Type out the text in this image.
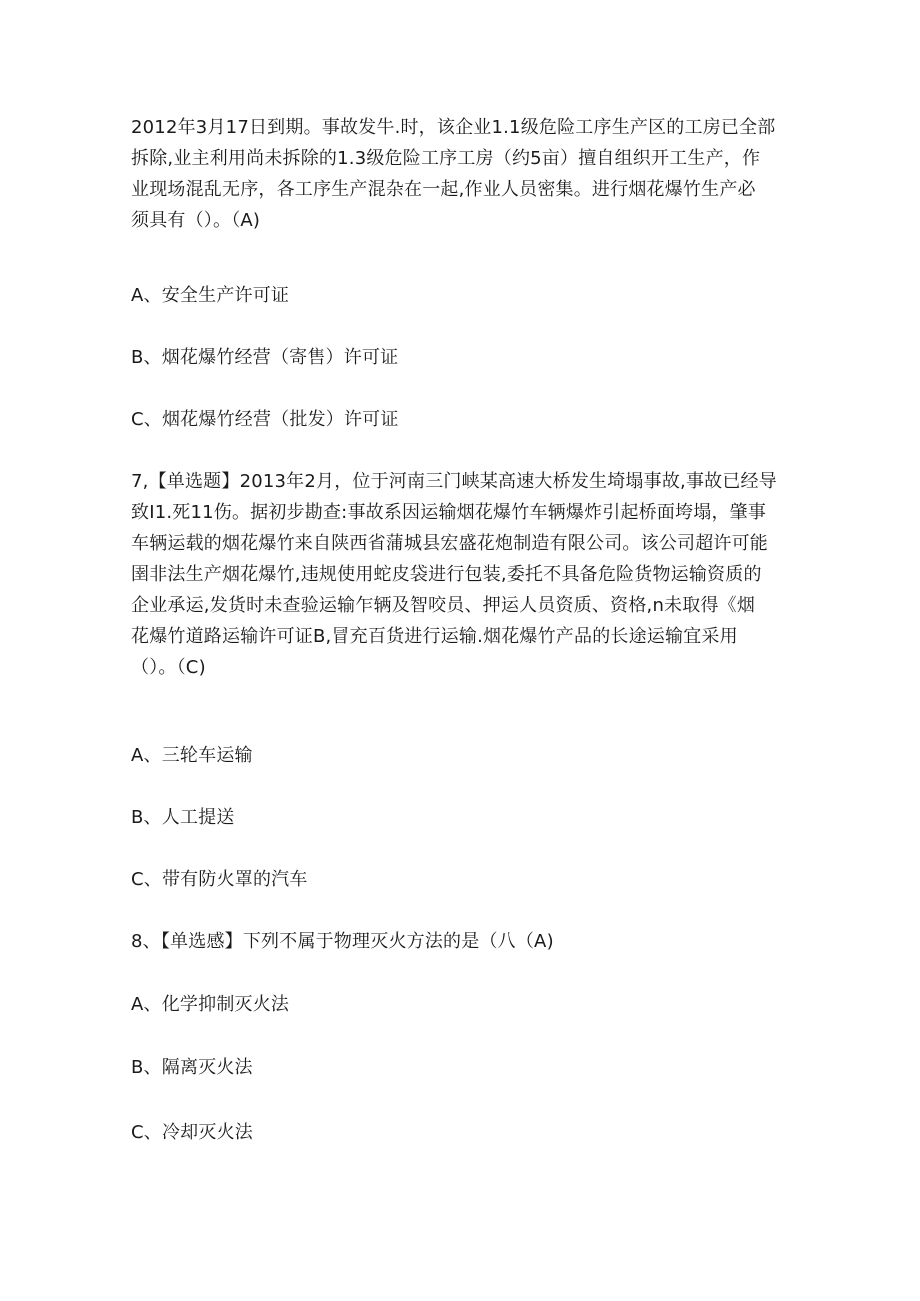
2012年3月17日到期。事故发牛.时，该企业1.1级危险工序生产区的工房已全部
拆除,业主利用尚未拆除的1.3级危险工序工房（约5亩）擅自组织开工生产，作
业现场混乱无序，各工序生产混杂在一起,作业人员密集。进行烟花爆竹生产必
须具有（）。（A)
A、安全生产许可证
B、烟花爆竹经营（寄售）许可证
C、烟花爆竹经营（批发）许可证
7,【单选题】2013年2月，位于河南三门峡某高速大桥发生埼塌事故,事故已经导
致I1.死11伤。据初步勘查:事故系因运输烟花爆竹车辆爆炸引起桥面垮塌，肇事
车辆运载的烟花爆竹来自陕西省蒲城县宏盛花炮制造有限公司。该公司超许可能
圉非法生产烟花爆竹,违规使用蛇皮袋进行包装,委托不具备危险货物运输资质的
企业承运,发货时未查验运输乍辆及智咬员、押运人员资质、资格,n未取得《烟
花爆竹道路运输许可证B,冒充百货进行运输.烟花爆竹产品的长途运输宜采用
（）。（C)
A、三轮车运输
B、人工提送
C、带有防火罩的汽车
8、【单选感】下列不属于物理灭火方法的是（八（A)
A、化学抑制灭火法
B、隔离灭火法
C、冷却灭火法
